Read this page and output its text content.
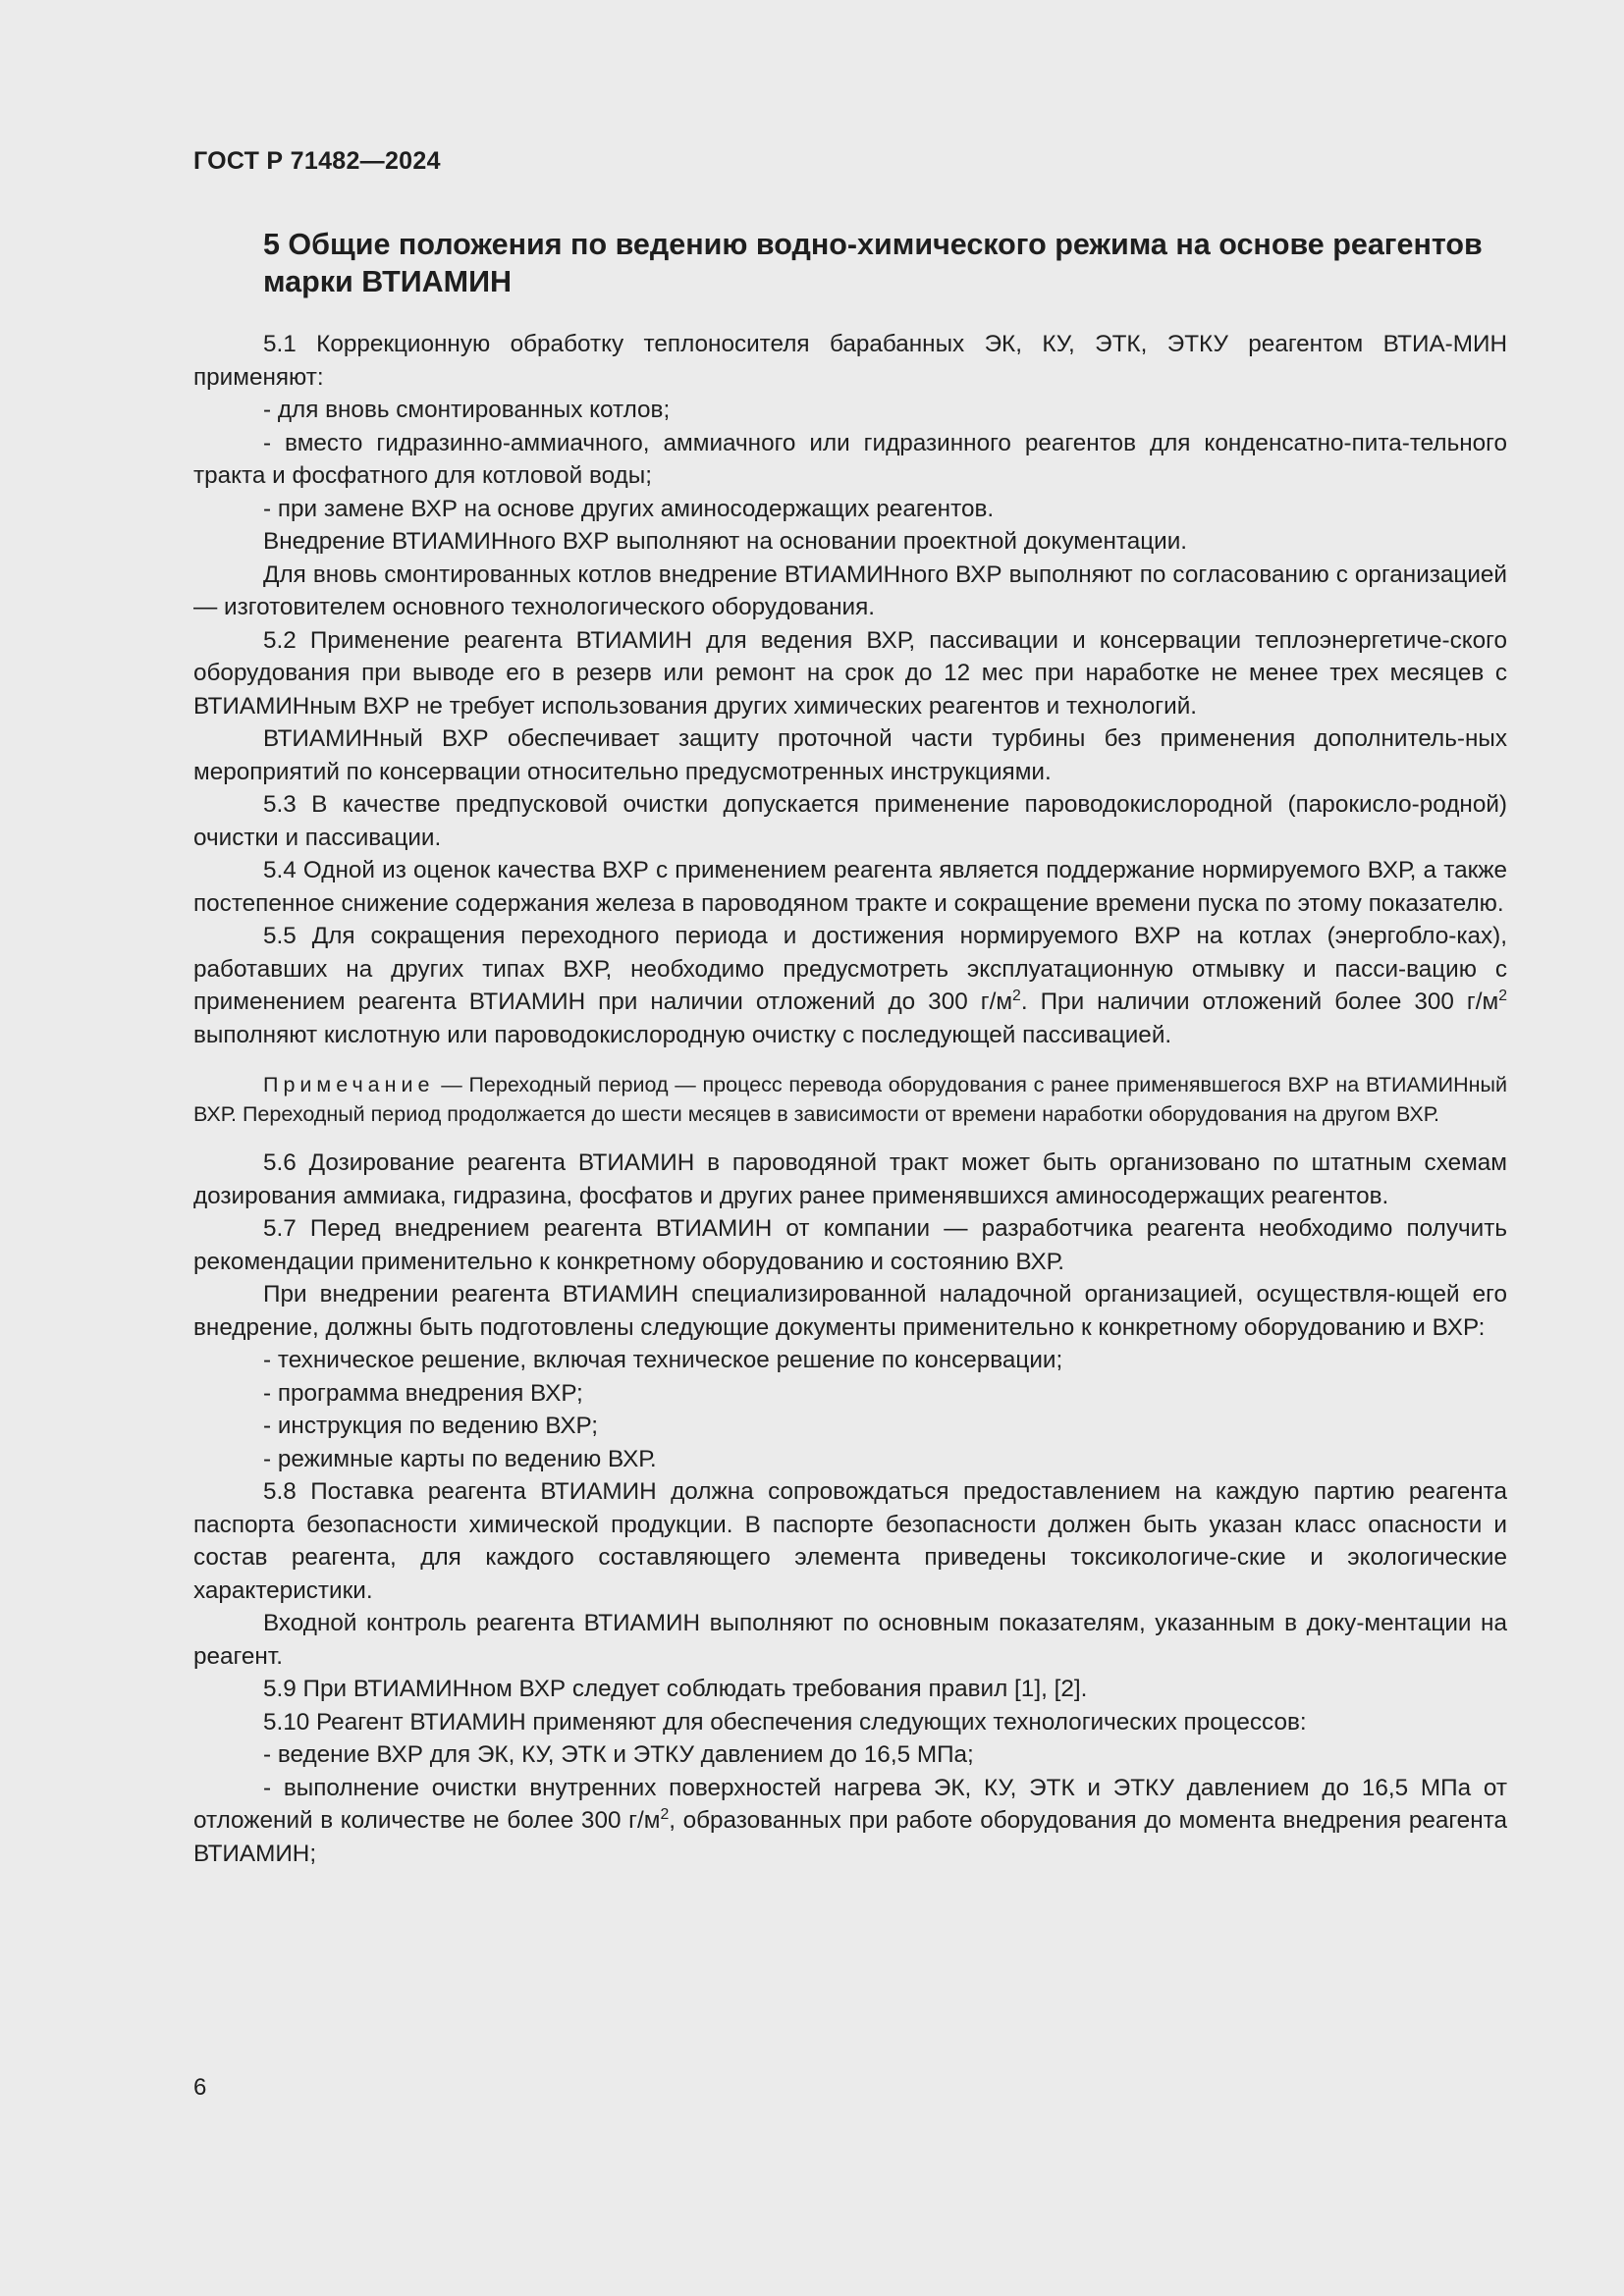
ГОСТ Р 71482—2024
5 Общие положения по ведению водно-химического режима на основе реагентов марки ВТИАМИН

5.1 Коррекционную обработку теплоносителя барабанных ЭК, КУ, ЭТК, ЭТКУ реагентом ВТИА-МИН применяют:

- для вновь смонтированных котлов;

- вместо гидразинно-аммиачного, аммиачного или гидразинного реагентов для конденсатно-пита-тельного тракта и фосфатного для котловой воды;

- при замене ВХР на основе других аминосодержащих реагентов.

Внедрение ВТИАМИНного ВХР выполняют на основании проектной документации.

Для вновь смонтированных котлов внедрение ВТИАМИНного ВХР выполняют по согласованию с организацией — изготовителем основного технологического оборудования.

5.2 Применение реагента ВТИАМИН для ведения ВХР, пассивации и консервации теплоэнергетиче-ского оборудования при выводе его в резерв или ремонт на срок до 12 мес при наработке не менее трех месяцев с ВТИАМИНным ВХР не требует использования других химических реагентов и технологий.

ВТИАМИНный ВХР обеспечивает защиту проточной части турбины без применения дополнитель-ных мероприятий по консервации относительно предусмотренных инструкциями.

5.3 В качестве предпусковой очистки допускается применение пароводокислородной (парокисло-родной) очистки и пассивации.

5.4 Одной из оценок качества ВХР с применением реагента является поддержание нормируемого ВХР, а также постепенное снижение содержания железа в пароводяном тракте и сокращение времени пуска по этому показателю.

5.5 Для сокращения переходного периода и достижения нормируемого ВХР на котлах (энергобло-ках), работавших на других типах ВХР, необходимо предусмотреть эксплуатационную отмывку и пасси-вацию с применением реагента ВТИАМИН при наличии отложений до 300 $г/м^2$. При наличии отложений более 300 $г/м^2$ выполняют кислотную или пароводокислородную очистку с последующей пассивацией.

Примечание — Переходный период — процесс перевода оборудования с ранее применявшегося ВХР на ВТИАМИНный ВХР. Переходный период продолжается до шести месяцев в зависимости от времени наработки оборудования на другом ВХР.

5.6 Дозирование реагента ВТИАМИН в пароводяной тракт может быть организовано по штатным схемам дозирования аммиака, гидразина, фосфатов и других ранее применявшихся аминосодержащих реагентов.

5.7 Перед внедрением реагента ВТИАМИН от компании — разработчика реагента необходимо получить рекомендации применительно к конкретному оборудованию и состоянию ВХР.

При внедрении реагента ВТИАМИН специализированной наладочной организацией, осуществля-ющей его внедрение, должны быть подготовлены следующие документы применительно к конкретному оборудованию и ВХР:

- техническое решение, включая техническое решение по консервации;

- программа внедрения ВХР;

- инструкция по ведению ВХР;

- режимные карты по ведению ВХР.

5.8 Поставка реагента ВТИАМИН должна сопровождаться предоставлением на каждую партию реагента паспорта безопасности химической продукции. В паспорте безопасности должен быть указан класс опасности и состав реагента, для каждого составляющего элемента приведены токсикологиче-ские и экологические характеристики.

Входной контроль реагента ВТИАМИН выполняют по основным показателям, указанным в доку-ментации на реагент.

5.9 При ВТИАМИНном ВХР следует соблюдать требования правил [1], [2].

5.10 Реагент ВТИАМИН применяют для обеспечения следующих технологических процессов:

- ведение ВХР для ЭК, КУ, ЭТК и ЭТКУ давлением до 16,5 МПа;

- выполнение очистки внутренних поверхностей нагрева ЭК, КУ, ЭТК и ЭТКУ давлением до 16,5 МПа от отложений в количестве не более 300 $г/м^2$, образованных при работе оборудования до момента внедрения реагента ВТИАМИН;

6
